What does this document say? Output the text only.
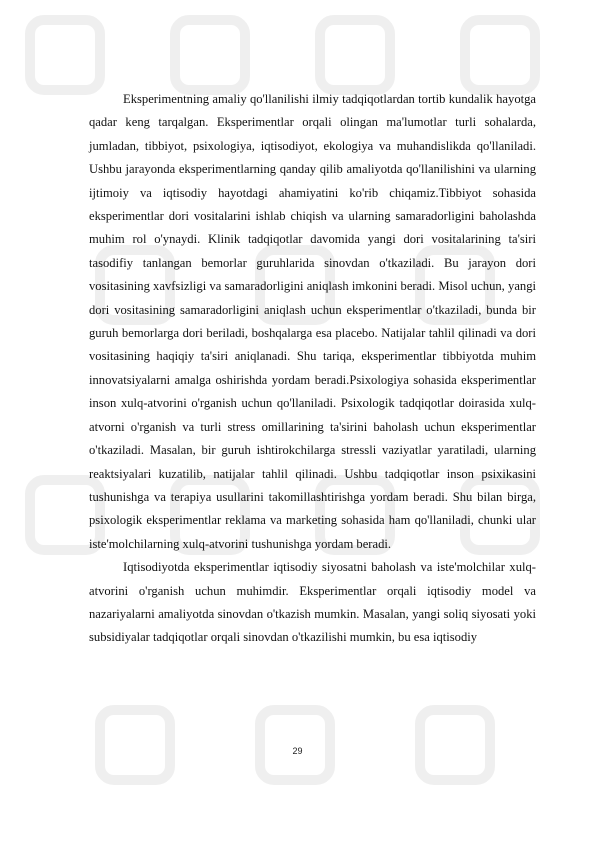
Eksperimentning amaliy qo'llanilishi ilmiy tadqiqotlardan tortib kundalik hayotga qadar keng tarqalgan. Eksperimentlar orqali olingan ma'lumotlar turli sohalarda, jumladan, tibbiyot, psixologiya, iqtisodiyot, ekologiya va muhandislikda qo'llaniladi. Ushbu jarayonda eksperimentlarning qanday qilib amaliyotda qo'llanilishini va ularning ijtimoiy va iqtisodiy hayotdagi ahamiyatini ko'rib chiqamiz.Tibbiyot sohasida eksperimentlar dori vositalarini ishlab chiqish va ularning samaradorligini baholashda muhim rol o'ynaydi. Klinik tadqiqotlar davomida yangi dori vositalarining ta'siri tasodifiy tanlangan bemorlar guruhlarida sinovdan o'tkaziladi. Bu jarayon dori vositasining xavfsizligi va samaradorligini aniqlash imkonini beradi. Misol uchun, yangi dori vositasining samaradorligini aniqlash uchun eksperimentlar o'tkaziladi, bunda bir guruh bemorlarga dori beriladi, boshqalarga esa placebo. Natijalar tahlil qilinadi va dori vositasining haqiqiy ta'siri aniqlanadi. Shu tariqa, eksperimentlar tibbiyotda muhim innovatsiyalarni amalga oshirishda yordam beradi.Psixologiya sohasida eksperimentlar inson xulq-atvorini o'rganish uchun qo'llaniladi. Psixologik tadqiqotlar doirasida xulq-atvorni o'rganish va turli stress omillarining ta'sirini baholash uchun eksperimentlar o'tkaziladi. Masalan, bir guruh ishtirokchilarga stressli vaziyatlar yaratiladi, ularning reaktsiyalari kuzatilib, natijalar tahlil qilinadi. Ushbu tadqiqotlar inson psixikasini tushunishga va terapiya usullarini takomillashtirishga yordam beradi. Shu bilan birga, psixologik eksperimentlar reklama va marketing sohasida ham qo'llaniladi, chunki ular iste'molchilarning xulq-atvorini tushunishga yordam beradi.

Iqtisodiyotda eksperimentlar iqtisodiy siyosatni baholash va iste'molchilar xulq-atvorini o'rganish uchun muhimdir. Eksperimentlar orqali iqtisodiy model va nazariyalarni amaliyotda sinovdan o'tkazish mumkin. Masalan, yangi soliq siyosati yoki subsidiyalar tadqiqotlar orqali sinovdan o'tkazilishi mumkin, bu esa iqtisodiy

29
